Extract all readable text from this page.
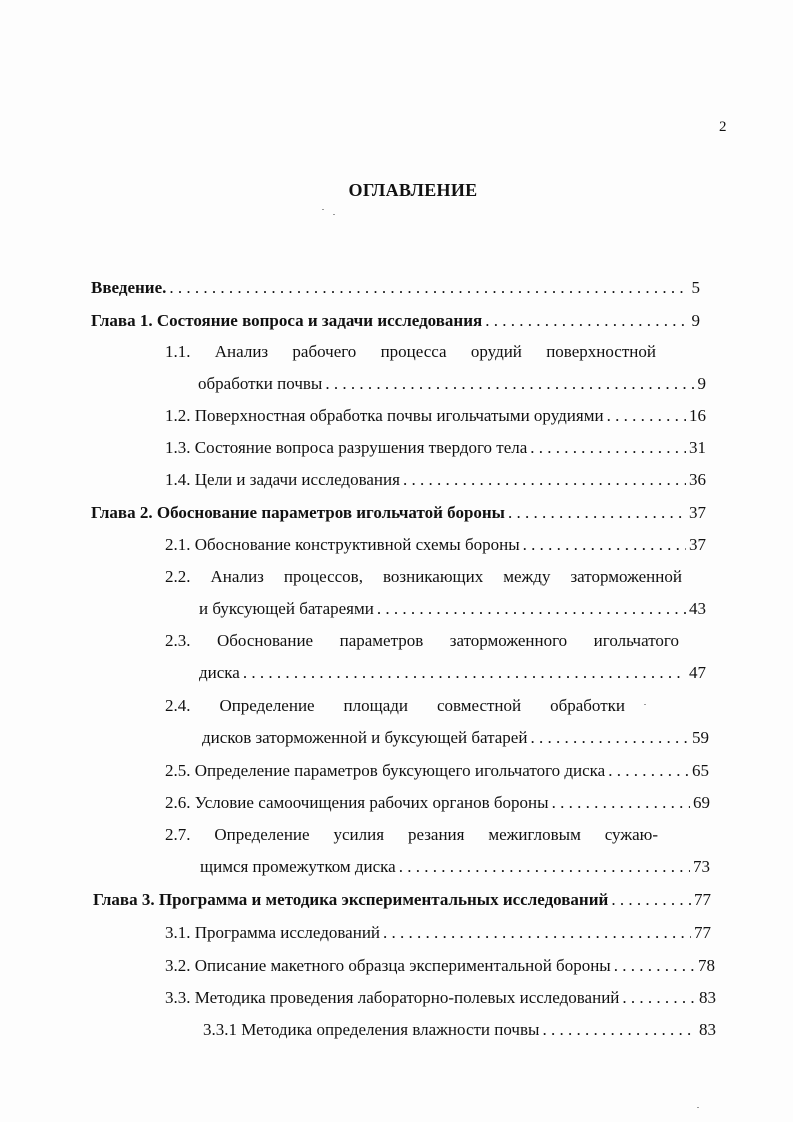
2
ОГЛАВЛЕНИЕ
Введение. . . .	5
Глава 1. Состояние вопроса и задачи исследования . . .	9
1.1. Анализ рабочего процесса орудий поверхностной
обработки почвы . . .	9
1.2. Поверхностная обработка почвы игольчатыми орудиями . . .	16
1.3. Состояние вопроса разрушения твердого тела . . .	31
1.4. Цели и задачи исследования . . .	36
Глава 2. Обоснование параметров игольчатой бороны . . .	37
2.1. Обоснование конструктивной схемы бороны . . .	37
2.2. Анализ процессов, возникающих между заторможенной
и буксующей батареями . . .	43
2.3. Обоснование параметров заторможенного игольчатого
диска . . .	47
2.4. Определение площади совместной обработки
дисков заторможенной и буксующей батарей . . .	59
2.5. Определение параметров буксующего игольчатого диска . . .	65
2.6. Условие самоочищения рабочих органов бороны . . .	69
2.7. Определение усилия резания межигловым сужаю-
щимся промежутком диска . . .	73
Глава 3. Программа и методика экспериментальных исследований . . .	77
3.1. Программа исследований . . .	77
3.2. Описание макетного образца экспериментальной бороны . . .	78
3.3. Методика проведения лабораторно-полевых исследований . . .	83
3.3.1 Методика определения влажности почвы . . .	83
